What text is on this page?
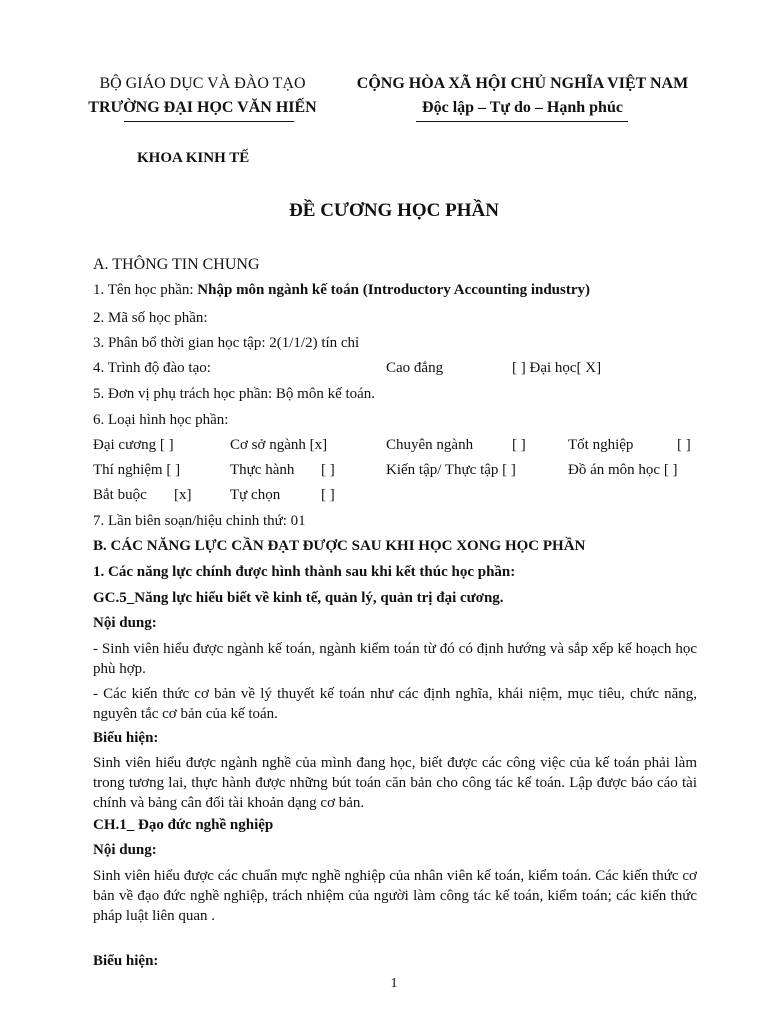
BỘ GIÁO DỤC VÀ ĐÀO TẠO
TRƯỜNG ĐẠI HỌC VĂN HIẾN
CỘNG HÒA XÃ HỘI CHỦ NGHĨA VIỆT NAM
Độc lập – Tự do – Hạnh phúc
KHOA KINH TẾ
ĐỀ CƯƠNG HỌC PHẦN
A. THÔNG TIN CHUNG
1. Tên học phần: Nhập môn ngành kế toán (Introductory Accounting industry)
2. Mã số học phần:
3. Phân bổ thời gian học tập: 2(1/1/2) tín chỉ
4. Trình độ đào tạo:	Cao đẳng	[ ] Đại học[ X]
5. Đơn vị phụ trách học phần: Bộ môn kế toán.
6. Loại hình học phần:
Đại cương [ ]	Cơ sở ngành [x]	Chuyên ngành	[ ]	Tốt nghiệp	[ ]
Thí nghiệm [ ]	Thực hành [ ]	Kiến tập/ Thực tập [ ]	Đồ án môn học [ ]
Bắt buộc [x]	Tự chọn	[ ]
7. Lần biên soạn/hiệu chỉnh thứ: 01
B. CÁC NĂNG LỰC CẦN ĐẠT ĐƯỢC SAU KHI HỌC XONG HỌC PHẦN
1. Các năng lực chính được hình thành sau khi kết thúc học phần:
GC.5_Năng lực hiểu biết về kinh tế, quản lý, quản trị đại cương.
Nội dung:
- Sinh viên hiểu được ngành kế toán, ngành kiểm toán từ đó có định hướng và sắp xếp kế hoạch học phù hợp.
- Các kiến thức cơ bản về lý thuyết kế toán như các định nghĩa, khái niệm, mục tiêu, chức năng, nguyên tắc cơ bản của kế toán.
Biểu hiện:
Sinh viên hiểu được ngành nghề của mình đang học, biết được các công việc của kế toán phải làm trong tương lai, thực hành được những bút toán căn bản cho công tác kế toán. Lập được báo cáo tài chính và bảng cân đối tài khoản dạng cơ bản.
CH.1_ Đạo đức nghề nghiệp
Nội dung:
Sinh viên hiểu được các chuẩn mực nghề nghiệp của nhân viên kế toán, kiểm toán. Các kiến thức cơ bản về đạo đức nghề nghiệp, trách nhiệm của người làm công tác kế toán, kiểm toán; các kiến thức pháp luật liên quan .
Biểu hiện:
1
